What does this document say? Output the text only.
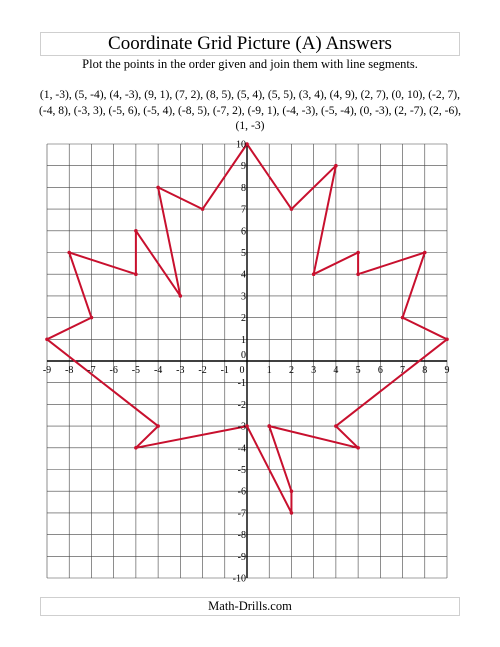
Coordinate Grid Picture (A) Answers
Plot the points in the order given and join them with line segments.
(1, -3), (5, -4), (4, -3), (9, 1), (7, 2), (8, 5), (5, 4), (5, 5), (3, 4), (4, 9), (2, 7), (0, 10), (-2, 7), (-4, 8), (-3, 3), (-5, 6), (-5, 4), (-8, 5), (-7, 2), (-9, 1), (-4, -3), (-5, -4), (0, -3), (2, -7), (2, -6), (1, -3)
-9 -8 -7 -6 -5 -4 -3 -2 -1 0 1 2 3 4 5 6 7 8 9
10
9
8
7
6
5
4
3
2
1
0
-1
-2
-3
-4
-5
-6
-7
-8
-9
-10
Math-Drills.com
